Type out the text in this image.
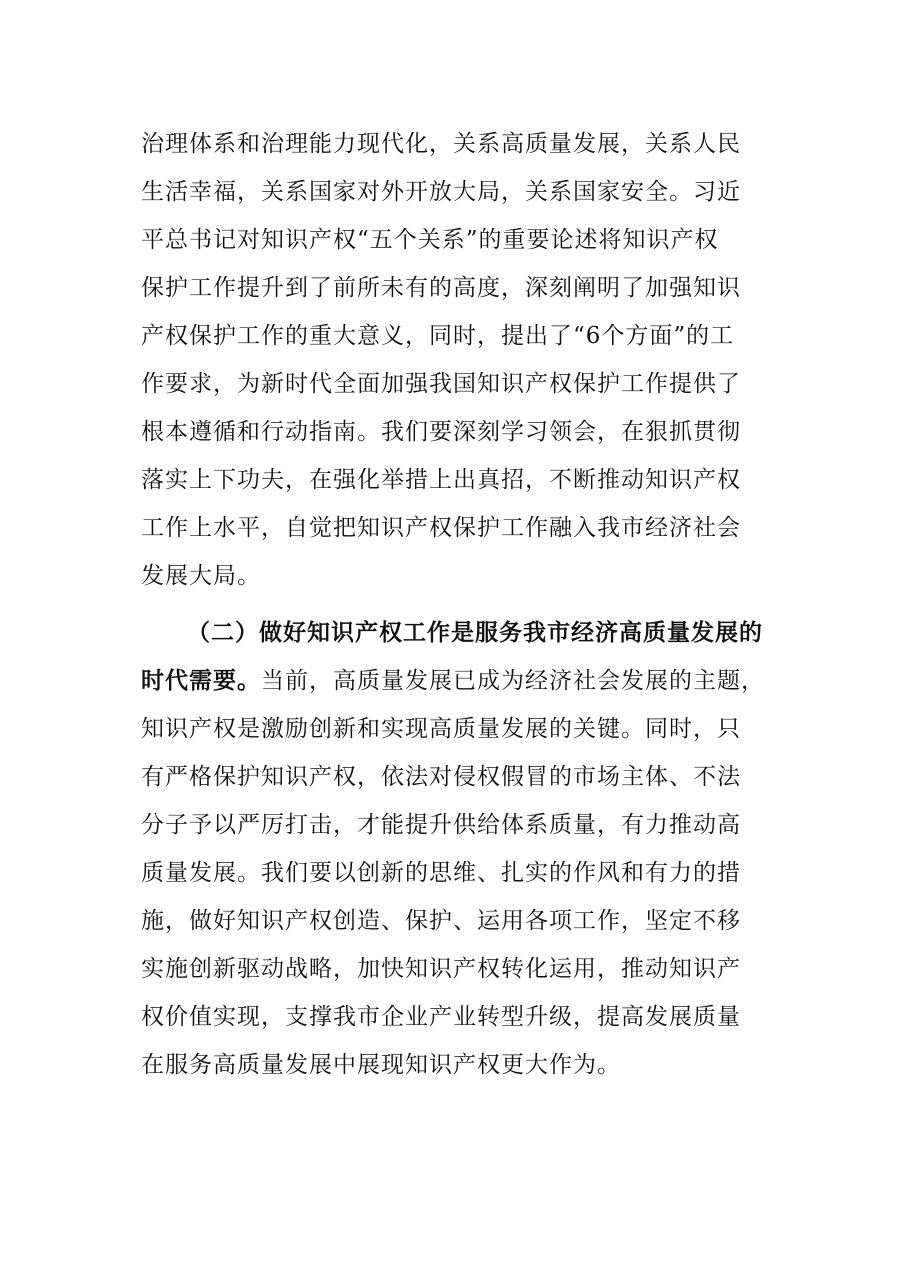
治理体系和治理能力现代化，关系高质量发展，关系人民
生活幸福，关系国家对外开放大局，关系国家安全。习近
平总书记对知识产权“五个关系”的重要论述将知识产权
保护工作提升到了前所未有的高度，深刻阐明了加强知识
产权保护工作的重大意义，同时，提出了“6个方面”的工
作要求，为新时代全面加强我国知识产权保护工作提供了
根本遵循和行动指南。我们要深刻学习领会，在狠抓贯彻
落实上下功夫，在强化举措上出真招，不断推动知识产权
工作上水平，自觉把知识产权保护工作融入我市经济社会
发展大局。
（二）做好知识产权工作是服务我市经济高质量发展的
时代需要。当前，高质量发展已成为经济社会发展的主题，
知识产权是激励创新和实现高质量发展的关键。同时，只
有严格保护知识产权，依法对侵权假冒的市场主体、不法
分子予以严厉打击，才能提升供给体系质量，有力推动高
质量发展。我们要以创新的思维、扎实的作风和有力的措
施，做好知识产权创造、保护、运用各项工作，坚定不移
实施创新驱动战略，加快知识产权转化运用，推动知识产
权价值实现，支撑我市企业产业转型升级，提高发展质量
在服务高质量发展中展现知识产权更大作为。
